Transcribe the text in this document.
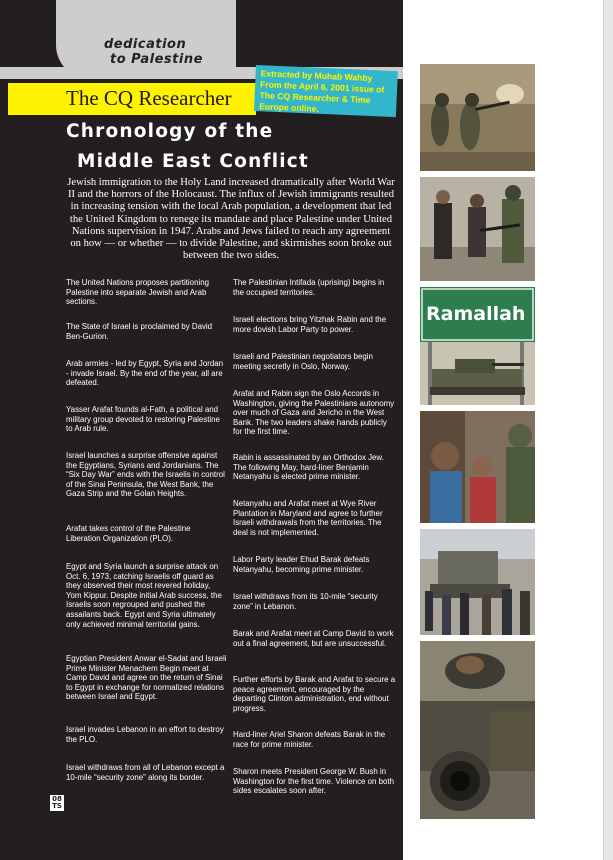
dedication
to Palestine
The CQ Researcher
Extracted by Muhab Wahby From the April 6, 2001 issue of The CQ Researcher & Time Europe online.
Chronology of the
Middle East Conflict
Jewish immigration to the Holy Land increased dramatically after World War II and the horrors of the Holocaust. The influx of Jewish immigrants resulted in increasing tension with the local Arab population, a development that led the United Kingdom to renege its mandate and place Palestine under United Nations supervision in 1947. Arabs and Jews failed to reach any agreement on how — or whether — to divide Palestine, and skirmishes soon broke out between the two sides.
The United Nations proposes partitioning Palestine into separate Jewish and Arab sections.
The State of Israel is proclaimed by David Ben-Gurion.
Arab armies - led by Egypt, Syria and Jordan - invade Israel. By the end of the year, all are defeated.
Yasser Arafat founds al-Fath, a political and military group devoted to restoring Palestine to Arab rule.
Israel launches a surprise offensive against the Egyptians, Syrians and Jordanians. The “Six Day War” ends with the Israelis in control of the Sinai Peninsula, the West Bank, the Gaza Strip and the Golan Heights.
Arafat takes control of the Palestine Liberation Organization (PLO).
Egypt and Syria launch a surprise attack on Oct. 6, 1973, catching Israelis off guard as they observed their most revered holiday, Yom Kippur. Despite initial Arab success, the Israelis soon regrouped and pushed the assailants back. Egypt and Syria ultimately only achieved minimal territorial gains.
Egyptian President Anwar el-Sadat and Israeli Prime Minister Menachem Begin meet at Camp David and agree on the return of Sinai to Egypt in exchange for normalized relations between Israel and Egypt.
Israel invades Lebanon in an effort to destroy the PLO.
Israel withdraws from all of Lebanon except a 10-mile “security zone” along its border.
The Palestinian Intifada (uprising) begins in the occupied territories.
Israeli elections bring Yitzhak Rabin and the more dovish Labor Party to power.
Israeli and Palestinian negotiators begin meeting secretly in Oslo, Norway.
Arafat and Rabin sign the Oslo Accords in Washington, giving the Palestinians autonomy over much of Gaza and Jericho in the West Bank. The two leaders shake hands publicly for the first time.
Rabin is assassinated by an Orthodox Jew. The following May, hard-liner Benjamin Netanyahu is elected prime minister.
Netanyahu and Arafat meet at Wye River Plantation in Maryland and agree to further Israeli withdrawals from the territories. The deal is not implemented.
Labor Party leader Ehud Barak defeats Netanyahu, becoming prime minister.
Israel withdraws from its 10-mile “security zone” in Lebanon.
Barak and Arafat meet at Camp David to work out a final agreement, but are unsuccessful.
Further efforts by Barak and Arafat to secure a peace agreement, encouraged by the departing Clinton administration, end without progress.
Hard-liner Ariel Sharon defeats Barak in the race for prime minister.
Sharon meets President George W. Bush in Washington for the first time. Violence on both sides escalates soon after.
08
TS
Ramallah
